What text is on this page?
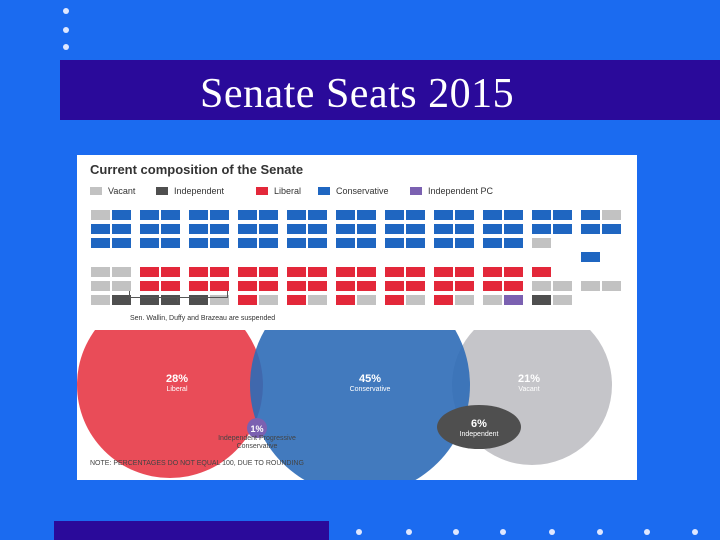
Senate Seats 2015
Current composition of the Senate
Vacant	Independent	Liberal	Conservative	Independent PC
Sen. Wallin, Duffy and Brazeau are suspended
28%
Liberal
45%
Conservative
21%
Vacant
6%
Independent
1%
Independent Progressive Conservative
NOTE: PERCENTAGES DO NOT EQUAL 100, DUE TO ROUNDING
